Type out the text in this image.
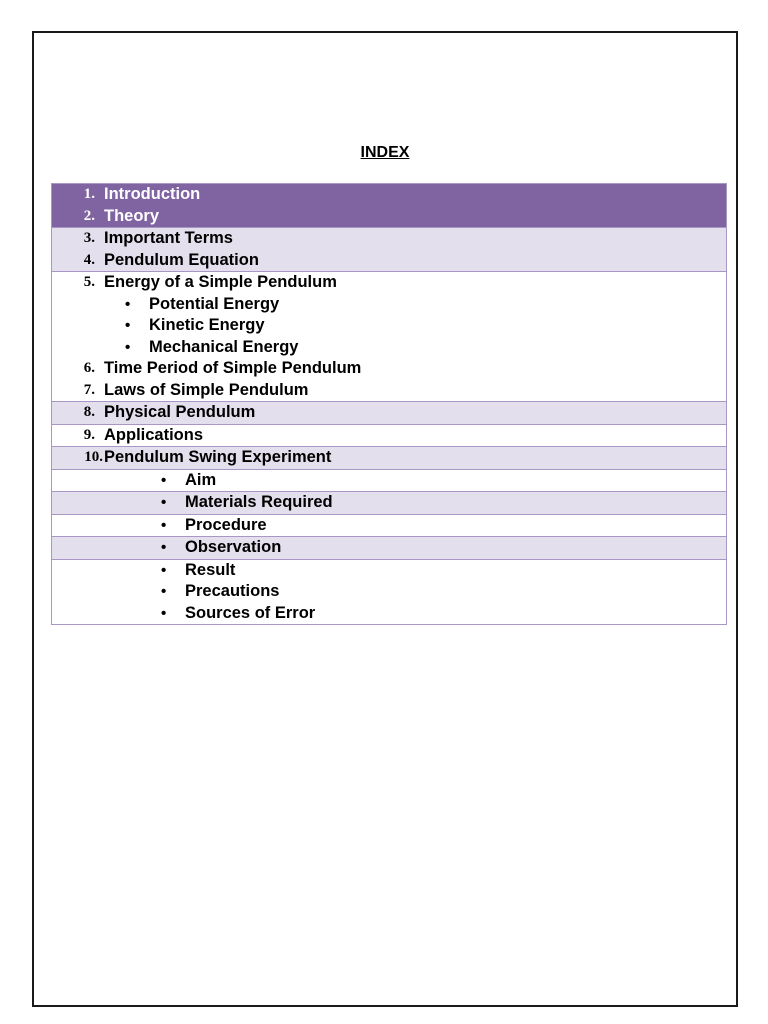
INDEX
1. Introduction
2. Theory
3. Important Terms
4. Pendulum Equation
5. Energy of a Simple Pendulum
• Potential Energy
• Kinetic Energy
• Mechanical Energy
6. Time Period of Simple Pendulum
7. Laws of Simple Pendulum
8. Physical Pendulum
9. Applications
10. Pendulum Swing Experiment
• Aim
• Materials Required
• Procedure
• Observation
• Result
• Precautions
• Sources of Error
